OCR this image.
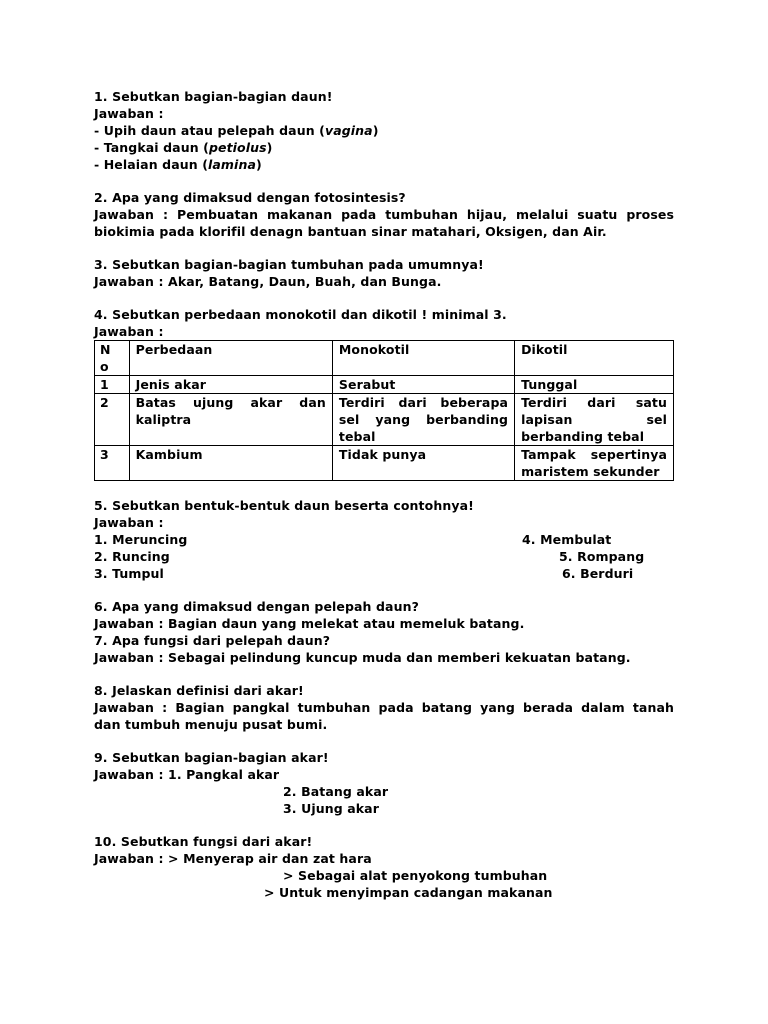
1. Sebutkan bagian-bagian daun!
Jawaban :
- Upih daun atau pelepah daun (vagina)
- Tangkai daun (petiolus)
- Helaian daun (lamina)
2. Apa yang dimaksud dengan fotosintesis?
Jawaban : Pembuatan makanan pada tumbuhan hijau, melalui suatu proses
biokimia pada klorifil denagn bantuan sinar matahari, Oksigen, dan Air.
3. Sebutkan bagian-bagian tumbuhan pada umumnya!
Jawaban : Akar, Batang, Daun, Buah, dan Bunga.
4. Sebutkan perbedaan monokotil dan dikotil ! minimal 3.
Jawaban :
N
o	Perbedaan	Monokotil	Dikotil
1	Jenis akar	Serabut	Tunggal
2	Batas ujung akar dan kaliptra	Terdiri dari beberapa sel yang berbanding tebal	Terdiri dari satu lapisan sel berbanding tebal
3	Kambium	Tidak punya	Tampak sepertinya maristem sekunder
5. Sebutkan bentuk-bentuk daun beserta contohnya!
Jawaban :
1. Meruncing	4. Membulat
2. Runcing	5. Rompang
3. Tumpul	6. Berduri
6. Apa yang dimaksud dengan pelepah daun?
Jawaban : Bagian daun yang melekat atau memeluk batang.
7. Apa fungsi dari pelepah daun?
Jawaban : Sebagai pelindung kuncup muda dan memberi kekuatan batang.
8. Jelaskan definisi dari akar!
Jawaban : Bagian pangkal tumbuhan pada batang yang berada dalam tanah
dan tumbuh menuju pusat bumi.
9. Sebutkan bagian-bagian akar!
Jawaban : 1. Pangkal akar
2. Batang akar
3. Ujung akar
10. Sebutkan fungsi dari akar!
Jawaban : > Menyerap air dan zat hara
> Sebagai alat penyokong tumbuhan
> Untuk menyimpan cadangan makanan
